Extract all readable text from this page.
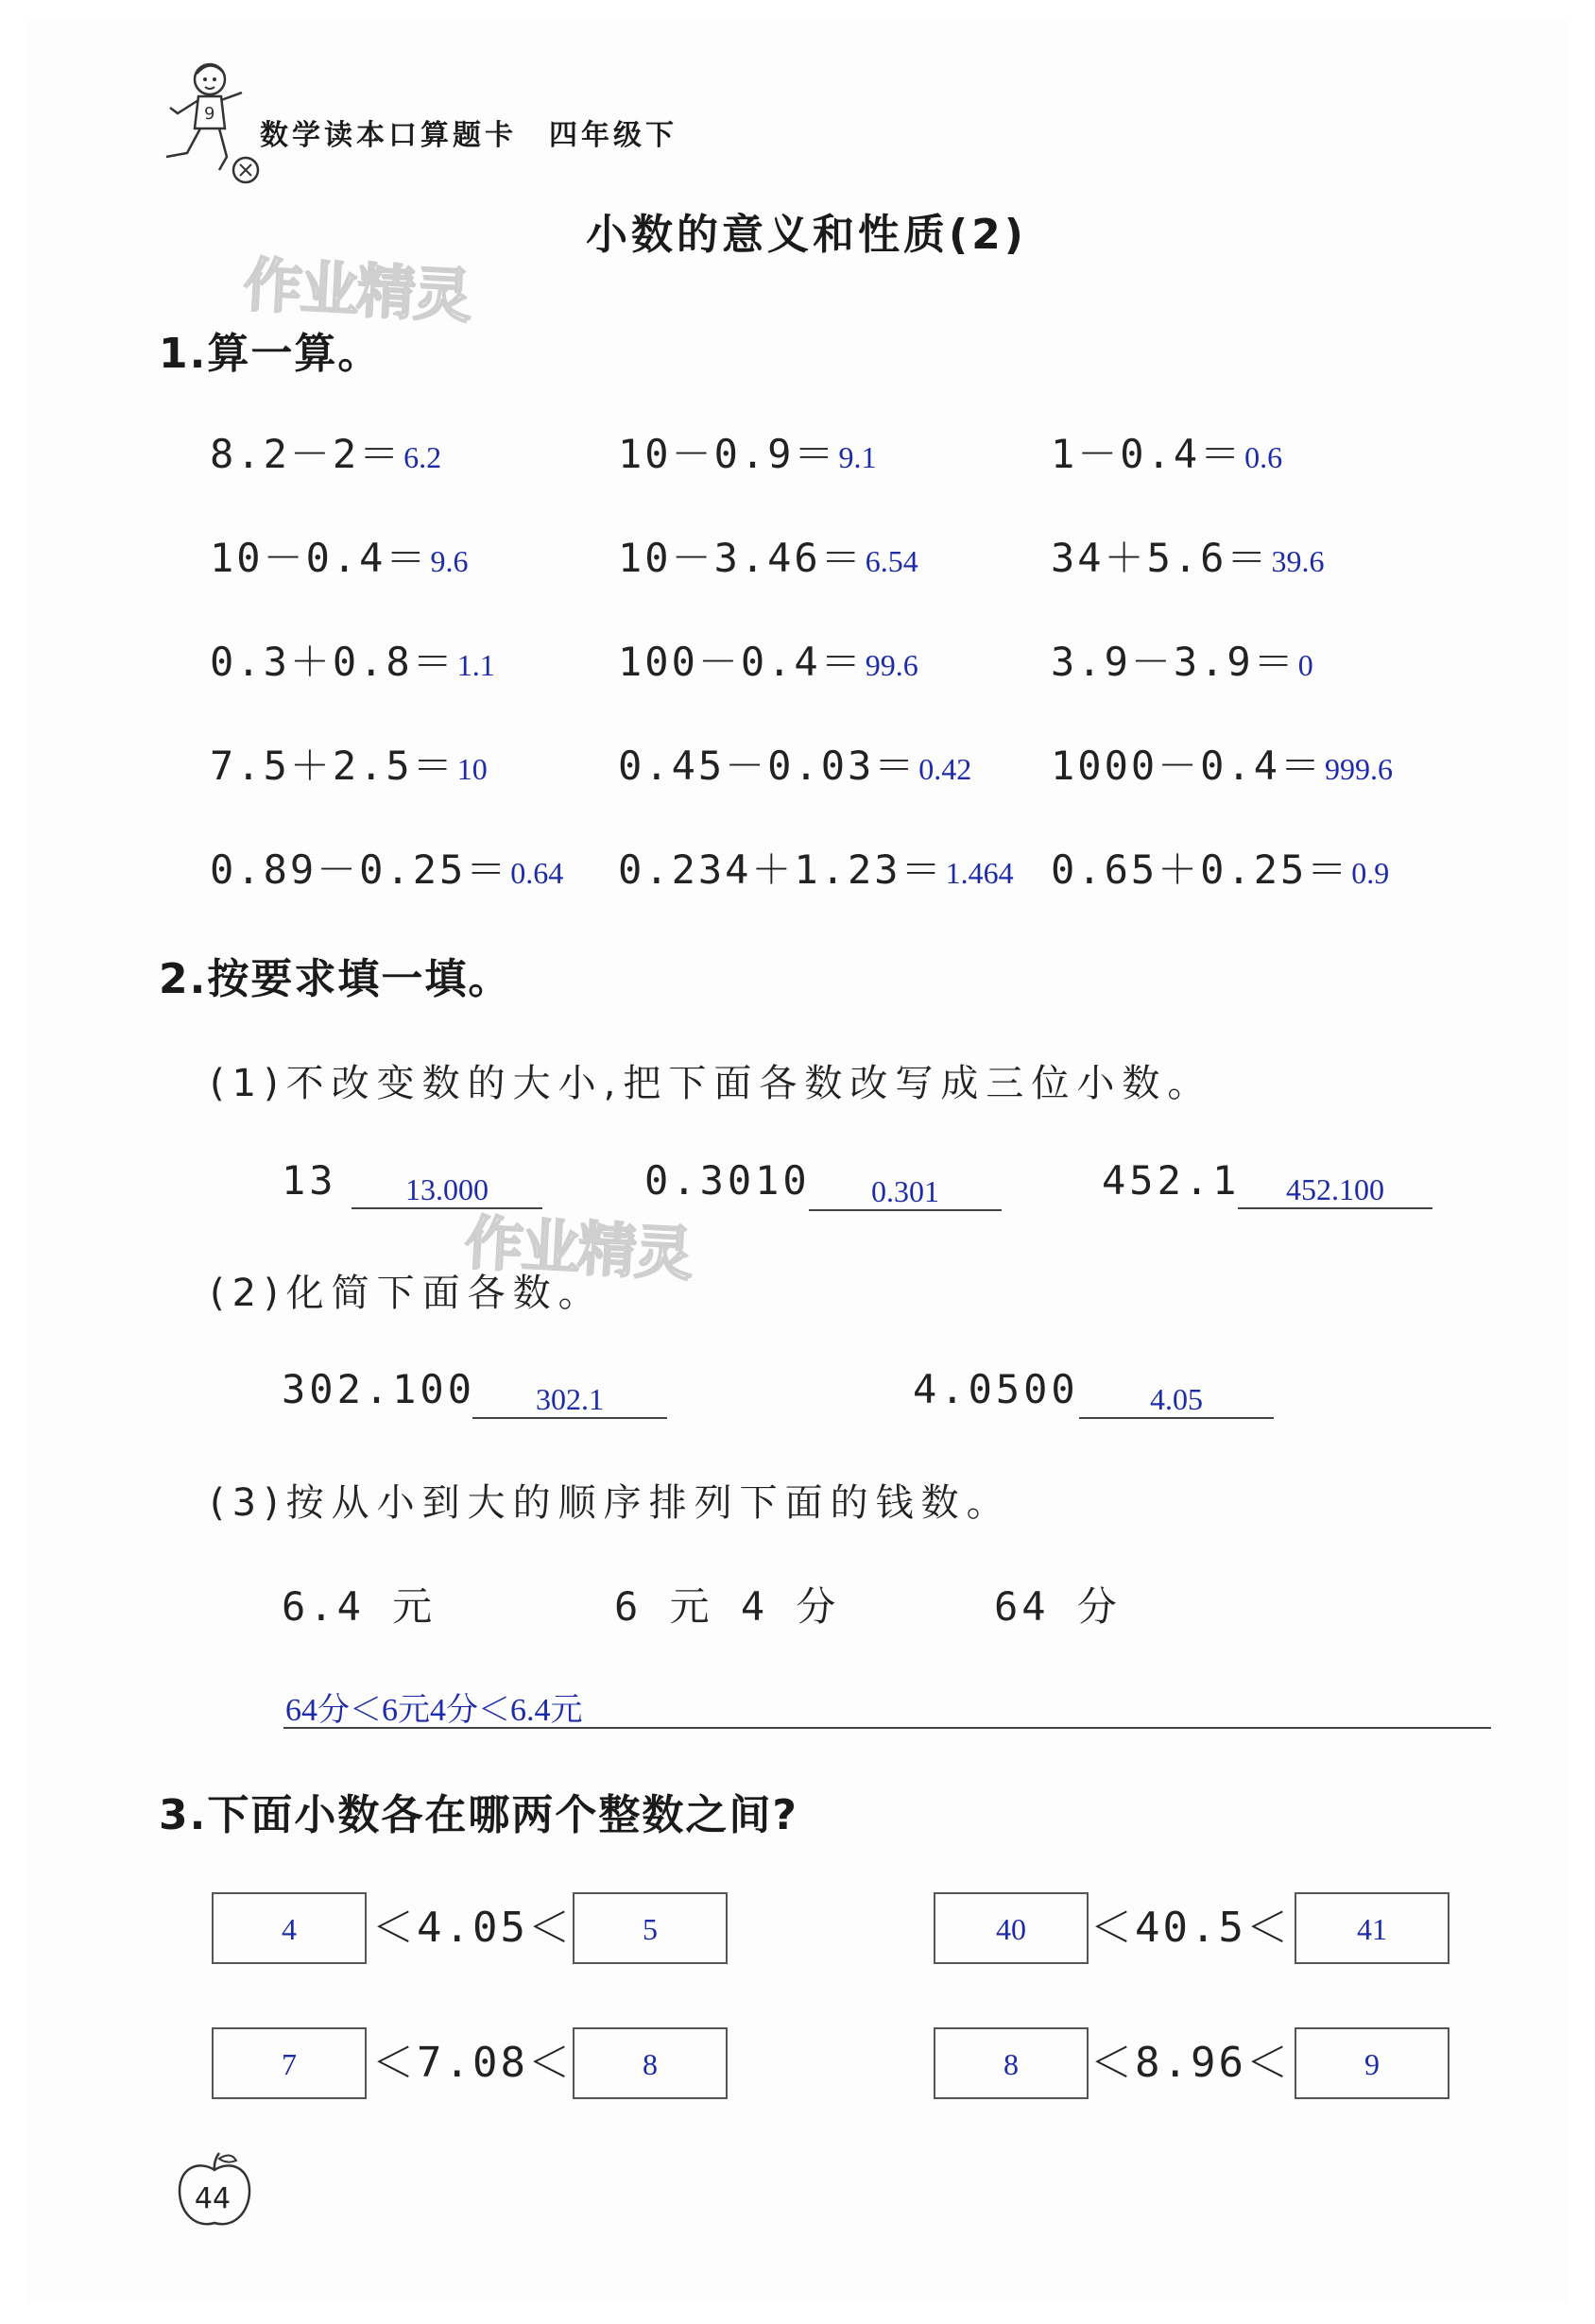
9
数学读本口算题卡　四年级下
小数的意义和性质(2)
作业精灵
作业精灵
1.算一算。
8.2－2＝6.2	10－0.9＝9.1	1－0.4＝0.6
10－0.4＝9.6	10－3.46＝6.54	34＋5.6＝39.6
0.3＋0.8＝1.1	100－0.4＝99.6	3.9－3.9＝0
7.5＋2.5＝10	0.45－0.03＝0.42 1000－0.4＝999.6
0.89－0.25＝0.64 0.234＋1.23＝1.464 0.65＋0.25＝0.9
2.按要求填一填。
(1)不改变数的大小,把下面各数改写成三位小数。
13	13.000	0.3010	0.301	452.1	452.100
(2)化简下面各数。
302.100	302.1	4.0500	4.05
(3)按从小到大的顺序排列下面的钱数。
6.4 元	6 元 4 分	64 分
64分＜6元4分＜6.4元
3.下面小数各在哪两个整数之间?
4	＜4.05＜	5	40	＜40.5＜	41
7	＜7.08＜	8	8	＜8.96＜	9
44
